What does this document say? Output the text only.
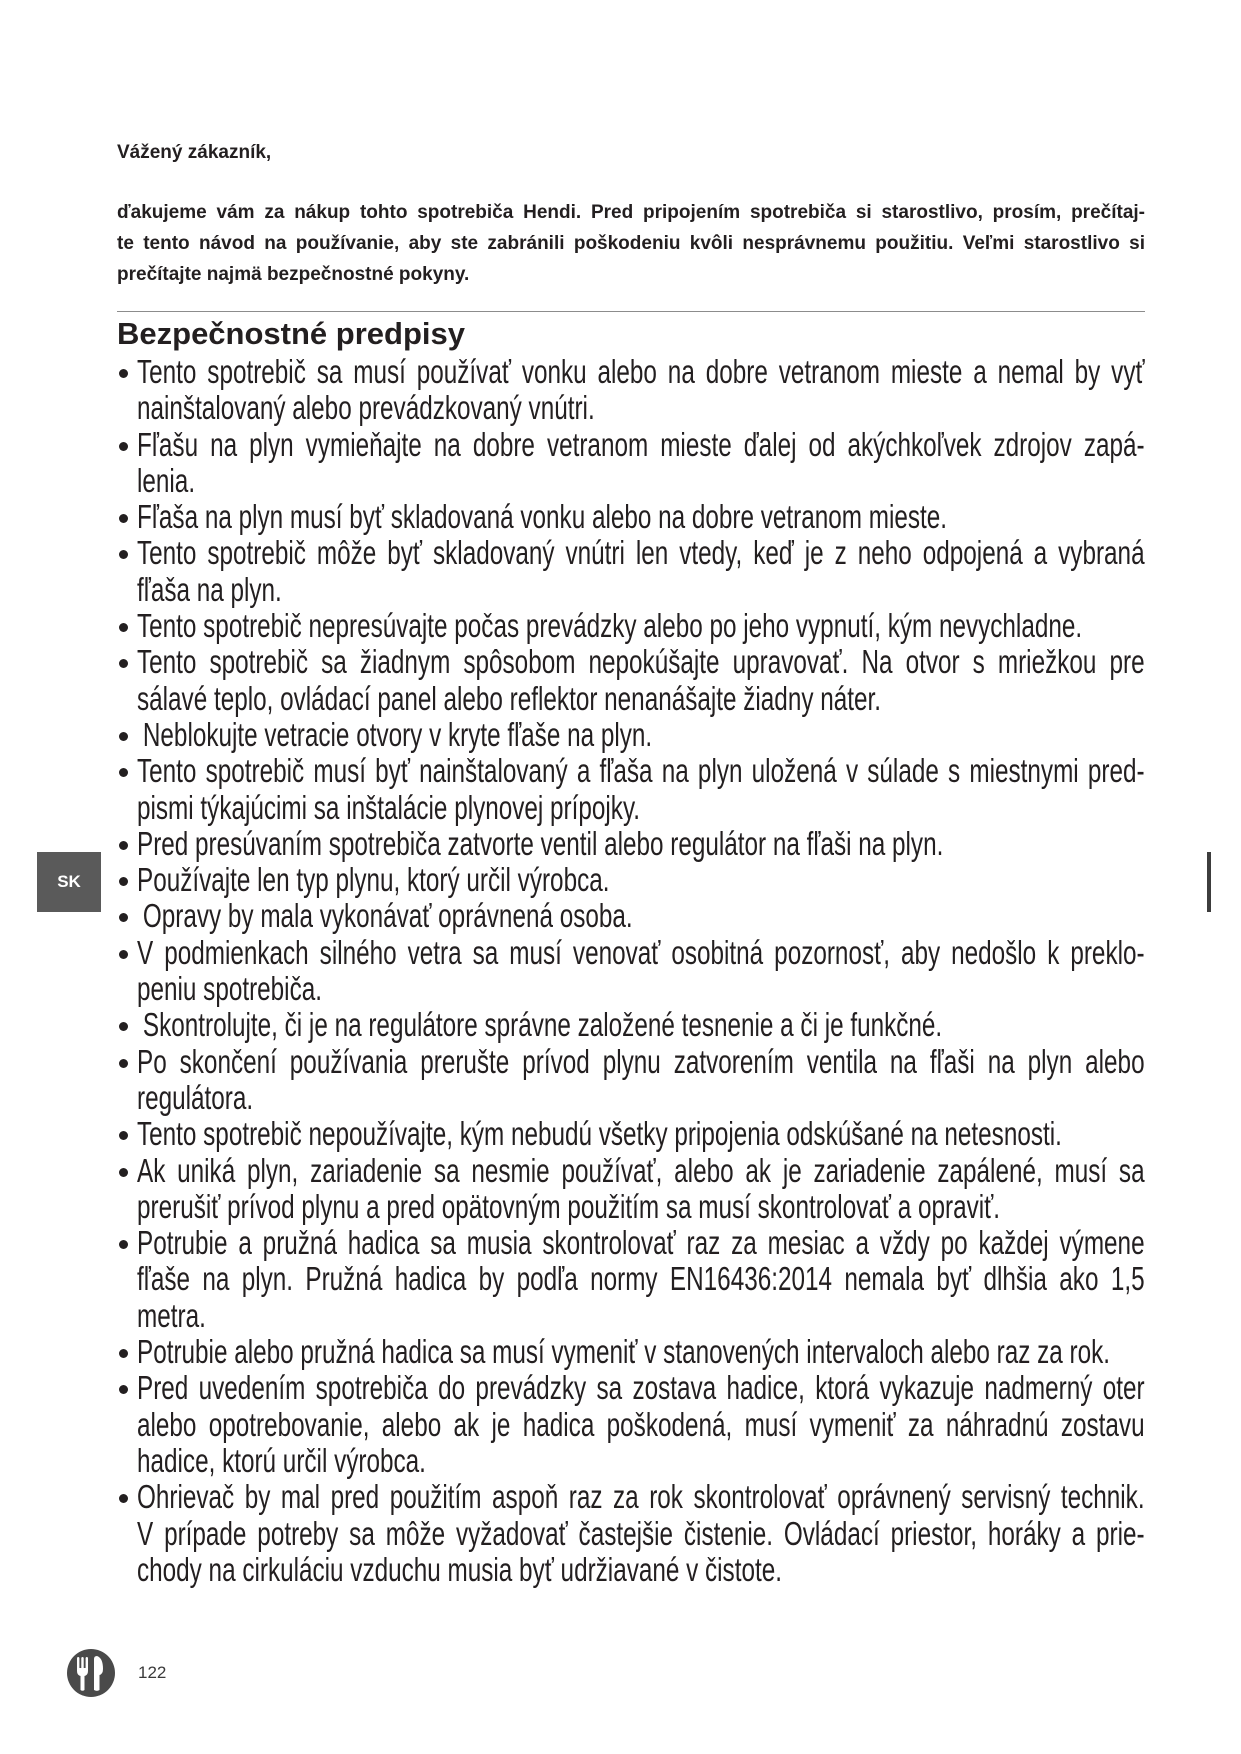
Vážený zákazník,
ďakujeme vám za nákup tohto spotrebiča Hendi. Pred pripojením spotrebiča si starostlivo, prosím, prečítaj-
te tento návod na používanie, aby ste zabránili poškodeniu kvôli nesprávnemu použitiu. Veľmi starostlivo si
prečítajte najmä bezpečnostné pokyny.
Bezpečnostné predpisy
Tento spotrebič sa musí používať vonku alebo na dobre vetranom mieste a nemal by vyť
nainštalovaný alebo prevádzkovaný vnútri.
Fľašu na plyn vymieňajte na dobre vetranom mieste ďalej od akýchkoľvek zdrojov zapá-
lenia.
Fľaša na plyn musí byť skladovaná vonku alebo na dobre vetranom mieste.
Tento spotrebič môže byť skladovaný vnútri len vtedy, keď je z neho odpojená a vybraná
fľaša na plyn.
Tento spotrebič nepresúvajte počas prevádzky alebo po jeho vypnutí, kým nevychladne.
Tento spotrebič sa žiadnym spôsobom nepokúšajte upravovať. Na otvor s mriežkou pre
sálavé teplo, ovládací panel alebo reflektor nenanášajte žiadny náter.
Neblokujte vetracie otvory v kryte fľaše na plyn.
Tento spotrebič musí byť nainštalovaný a fľaša na plyn uložená v súlade s miestnymi pred-
pismi týkajúcimi sa inštalácie plynovej prípojky.
Pred presúvaním spotrebiča zatvorte ventil alebo regulátor na fľaši na plyn.
Používajte len typ plynu, ktorý určil výrobca.
Opravy by mala vykonávať oprávnená osoba.
V podmienkach silného vetra sa musí venovať osobitná pozornosť, aby nedošlo k preklo-
peniu spotrebiča.
Skontrolujte, či je na regulátore správne založené tesnenie a či je funkčné.
Po skončení používania prerušte prívod plynu zatvorením ventila na fľaši na plyn alebo
regulátora.
Tento spotrebič nepoužívajte, kým nebudú všetky pripojenia odskúšané na netesnosti.
Ak uniká plyn, zariadenie sa nesmie používať, alebo ak je zariadenie zapálené, musí sa
prerušiť prívod plynu a pred opätovným použitím sa musí skontrolovať a opraviť.
Potrubie a pružná hadica sa musia skontrolovať raz za mesiac a vždy po každej výmene
fľaše na plyn. Pružná hadica by podľa normy EN16436:2014 nemala byť dlhšia ako 1,5
metra.
Potrubie alebo pružná hadica sa musí vymeniť v stanovených intervaloch alebo raz za rok.
Pred uvedením spotrebiča do prevádzky sa zostava hadice, ktorá vykazuje nadmerný oter
alebo opotrebovanie, alebo ak je hadica poškodená, musí vymeniť za náhradnú zostavu
hadice, ktorú určil výrobca.
Ohrievač by mal pred použitím aspoň raz za rok skontrolovať oprávnený servisný technik.
V prípade potreby sa môže vyžadovať častejšie čistenie. Ovládací priestor, horáky a prie-
chody na cirkuláciu vzduchu musia byť udržiavané v čistote.
SK
122
